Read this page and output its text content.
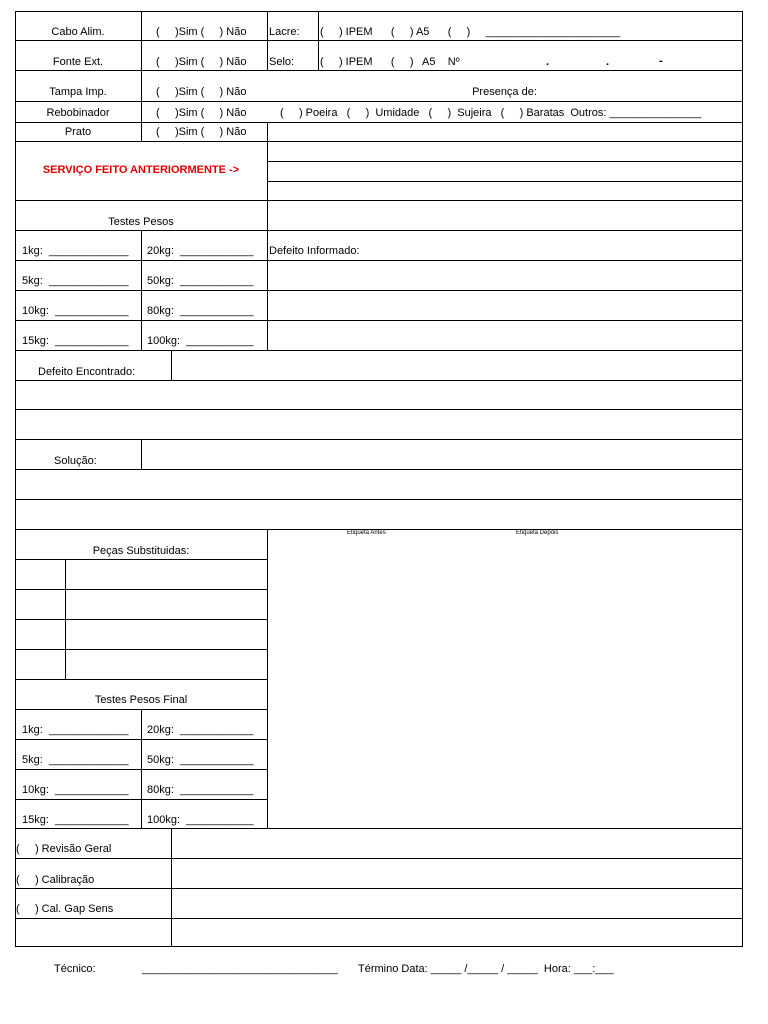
Cabo Alim.	(     )Sim (     ) Não Lacre: (     ) IPEM      (     ) A5      (     )     ______________________
Fonte Ext.	(     )Sim (     ) Não Selo: (     ) IPEM      (     )   A5    Nº	.	.	-
Tampa Imp.	(     )Sim (     ) Não	Presença de:
Rebobinador	(     )Sim (     ) Não	(     ) Poeira   (     )  Umidade   (     )  Sujeira   (     ) Baratas  Outros: _______________
Prato	(     )Sim (     ) Não
SERVIÇO FEITO ANTERIORMENTE ->
Testes Pesos
Defeito Informado:
1kg:  _____________ 20kg:  ____________
5kg:  _____________ 50kg:  ____________
10kg:  ____________ 80kg:  ____________
15kg:  ____________ 100kg:  ___________
Defeito Encontrado:
Solução:
Peças Substituidas:
Etiqueta Antes	Etiqueta Depois
Testes Pesos Final
1kg:  _____________ 20kg:  ____________
5kg:  _____________ 50kg:  ____________
10kg:  ____________ 80kg:  ____________
15kg:  ____________ 100kg:  ___________
(     ) Revisão Geral
(     ) Calibração
(     ) Cal. Gap Sens
Técnico:	________________________________ Término Data: _____ /_____ / _____  Hora: ___:___
